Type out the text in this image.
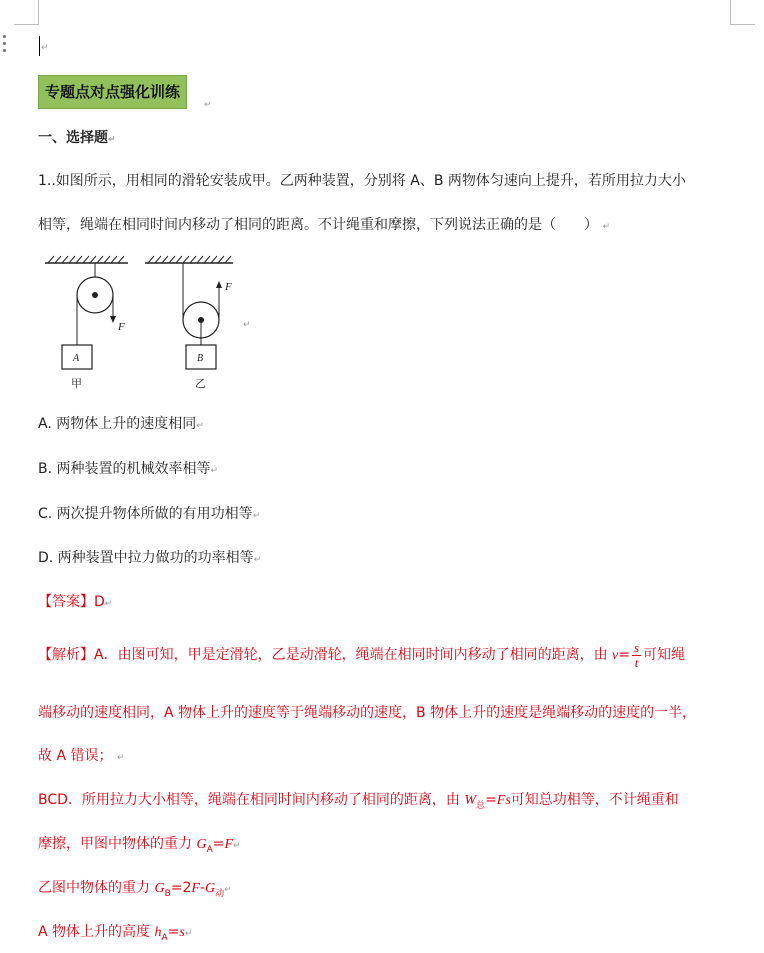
↵
专题点对点强化训练
↵
一、选择题↵
1..如图所示，用相同的滑轮安装成甲。乙两种装置，分别将 A、B 两物体匀速向上提升，若所用拉力大小
相等，绳端在相同时间内移动了相同的距离。不计绳重和摩擦，下列说法正确的是（　　） ↵
F
A
甲
F
B
乙
↵
A. 两物体上升的速度相同↵
B. 两种装置的机械效率相等↵
C. 两次提升物体所做的有用功相等↵
D. 两种装置中拉力做功的功率相等↵
【答案】D↵
【解析】A．由图可知，甲是定滑轮，乙是动滑轮，绳端在相同时间内移动了相同的距离，由 $v= \frac{s}{t}$ 可知绳
端移动的速度相同，A 物体上升的速度等于绳端移动的速度，B 物体上升的速度是绳端移动的速度的一半，
故 A 错误； ↵
BCD．所用拉力大小相等，绳端在相同时间内移动了相同的距离，由 $W_总=Fs$可知总功相等，不计绳重和
摩擦，甲图中物体的重力 $G_A=F↵$
乙图中物体的重力 $G_B=2F-G_动↵$
A 物体上升的高度 $h_A=s↵$
